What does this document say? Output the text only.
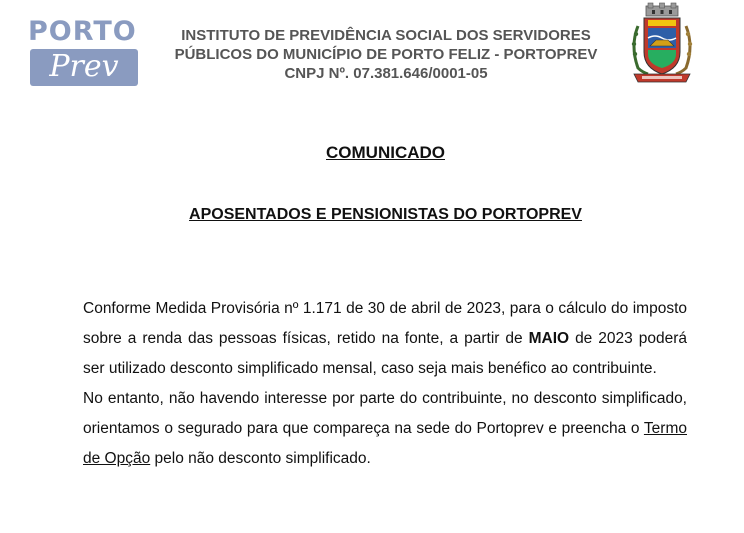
PORTO
Prev
INSTITUTO DE PREVIDÊNCIA SOCIAL DOS SERVIDORES
PÚBLICOS DO MUNICÍPIO DE PORTO FELIZ - PORTOPREV
CNPJ Nº. 07.381.646/0001-05
COMUNICADO
APOSENTADOS E PENSIONISTAS DO PORTOPREV

Conforme Medida Provisória nº 1.171 de 30 de abril de 2023, para o cálculo do imposto sobre a renda das pessoas físicas, retido na fonte, a partir de MAIO de 2023 poderá ser utilizado desconto simplificado mensal, caso seja mais benéfico ao contribuinte.

No entanto, não havendo interesse por parte do contribuinte, no desconto simplificado, orientamos o segurado para que compareça na sede do Portoprev e preencha o Termo de Opção pelo não desconto simplificado.
